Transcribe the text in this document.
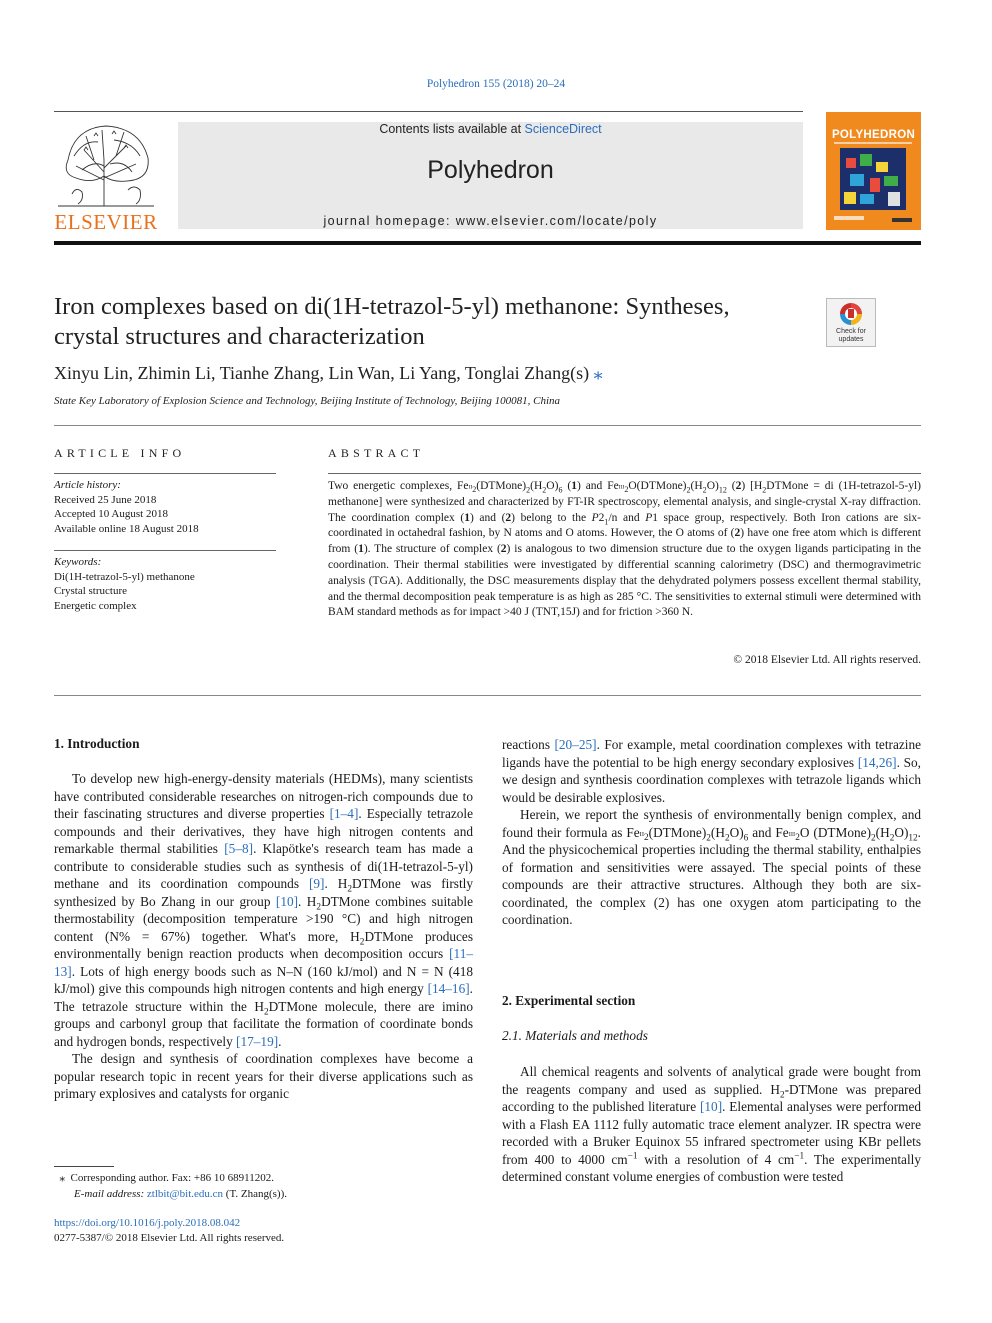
Polyhedron 155 (2018) 20–24
ELSEVIER
Contents lists available at ScienceDirect
Polyhedron
journal homepage: www.elsevier.com/locate/poly
POLYHEDRON
Iron complexes based on di(1H-tetrazol-5-yl) methanone: Syntheses, crystal structures and characterization	Check for updates
Xinyu Lin, Zhimin Li, Tianhe Zhang, Lin Wan, Li Yang, Tonglai Zhang(s) ⁎
State Key Laboratory of Explosion Science and Technology, Beijing Institute of Technology, Beijing 100081, China
ARTICLE INFO	ABSTRACT
Article history:
Received 25 June 2018
Accepted 10 August 2018
Available online 18 August 2018
Keywords:
Di(1H-tetrazol-5-yl) methanone
Crystal structure
Energetic complex
Two energetic complexes, $Fe_{^{II}2}(DTMone)_2(H_2O)_6$ (1) and $Fe_{^{III}2}O(DTMone)_2(H_2O)_{12}$ (2) [$H_2DTMone$ = di (1H-tetrazol-5-yl) methanone] were synthesized and characterized by FT-IR spectroscopy, elemental analysis, and single-crystal X-ray diffraction. The coordination complex (1) and (2) belong to the $P2_1/n$ and P1 space group, respectively. Both Iron cations are six-coordinated in octahedral fashion, by N atoms and O atoms. However, the O atoms of (2) have one free atom which is different from (1). The structure of complex (2) is analogous to two dimension structure due to the oxygen ligands participating in the coordination. Their thermal stabilities were investigated by differential scanning calorimetry (DSC) and thermogravimetric analysis (TGA). Additionally, the DSC measurements display that the dehydrated polymers possess excellent thermal stability, and the thermal decomposition peak temperature is as high as 285 °C. The sensitivities to external stimuli were determined with BAM standard methods as for impact >40 J (TNT,15J) and for friction >360 N.
© 2018 Elsevier Ltd. All rights reserved.
1. Introduction

To develop new high-energy-density materials (HEDMs), many scientists have contributed considerable researches on nitrogen-rich compounds due to their fascinating structures and diverse properties [1–4]. Especially tetrazole compounds and their derivatives, they have high nitrogen contents and remarkable thermal stabilities [5–8]. Klapötke's research team has made a contribute to considerable studies such as synthesis of di(1H-tetrazol-5-yl) methane and its coordination compounds [9]. $H_2DTMone$ was firstly synthesized by Bo Zhang in our group [10]. $H_2DTMone$ combines suitable thermostability (decomposition temperature >190 °C) and high nitrogen content (N% = 67%) together. What's more, $H_2DTMone$ produces environmentally benign reaction products when decomposition occurs [11–13]. Lots of high energy boods such as N–N (160 kJ/mol) and N = N (418 kJ/mol) give this compounds high nitrogen contents and high energy [14–16]. The tetrazole structure within the $H_2DTMone$ molecule, there are imino groups and carbonyl group that facilitate the formation of coordinate bonds and hydrogen bonds, respectively [17–19].

The design and synthesis of coordination complexes have become a popular research topic in recent years for their diverse applications such as primary explosives and catalysts for organic

reactions [20–25]. For example, metal coordination complexes with tetrazine ligands have the potential to be high energy secondary explosives [14,26]. So, we design and synthesis coordination complexes with tetrazole ligands which would be desirable explosives.

Herein, we report the synthesis of environmentally benign complex, and found their formula as $Fe_{^{II}2}(DTMone)_2(H_2O)_6$ and $Fe_{^{III}2}O$ $(DTMone)_2(H_2O)_{12}$. And the physicochemical properties including the thermal stability, enthalpies of formation and sensitivities were assayed. The special points of these compounds are their attractive structures. Although they both are six-coordinated, the complex (2) has one oxygen atom participating to the coordination.

2. Experimental section
2.1. Materials and methods

All chemical reagents and solvents of analytical grade were bought from the reagents company and used as supplied. $H_2$-DTMone was prepared according to the published literature [10]. Elemental analyses were performed with a Flash EA 1112 fully automatic trace element analyzer. IR spectra were recorded with a Bruker Equinox 55 infrared spectrometer using KBr pellets from 400 to 4000 $cm^{-1}$ with a resolution of 4 $cm^{-1}$. The experimentally determined constant volume energies of combustion were tested

⁎ Corresponding author. Fax: +86 10 68911202.
E-mail address: ztlbit@bit.edu.cn (T. Zhang(s)).
https://doi.org/10.1016/j.poly.2018.08.042
0277-5387/© 2018 Elsevier Ltd. All rights reserved.
